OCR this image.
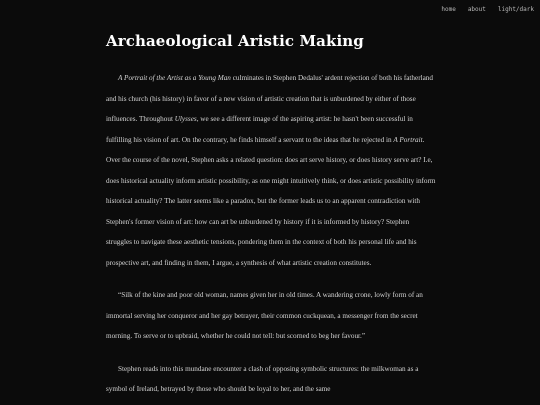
home about light/dark
Archaeological Aristic Making

A Portrait of the Artist as a Young Man culminates in Stephen Dedalus' ardent rejection of both his fatherland and his church (his history) in favor of a new vision of artistic creation that is unburdened by either of those influences. Throughout Ulysses, we see a different image of the aspiring artist: he hasn't been successful in fulfilling his vision of art. On the contrary, he finds himself a servant to the ideas that he rejected in A Portrait. Over the course of the novel, Stephen asks a related question: does art serve history, or does history serve art? I.e, does historical actuality inform artistic possibility, as one might intuitively think, or does artistic possibility inform historical actuality? The latter seems like a paradox, but the former leads us to an apparent contradiction with Stephen's former vision of art: how can art be unburdened by history if it is informed by history? Stephen struggles to navigate these aesthetic tensions, pondering them in the context of both his personal life and his prospective art, and finding in them, I argue, a synthesis of what artistic creation constitutes.

“Silk of the kine and poor old woman, names given her in old times. A wandering crone, lowly form of an immortal serving her conqueror and her gay betrayer, their common cuckquean, a messenger from the secret morning. To serve or to upbraid, whether he could not tell: but scorned to beg her favour.”

Stephen reads into this mundane encounter a clash of opposing symbolic structures: the milkwoman as a symbol of Ireland, betrayed by those who should be loyal to her, and the same
